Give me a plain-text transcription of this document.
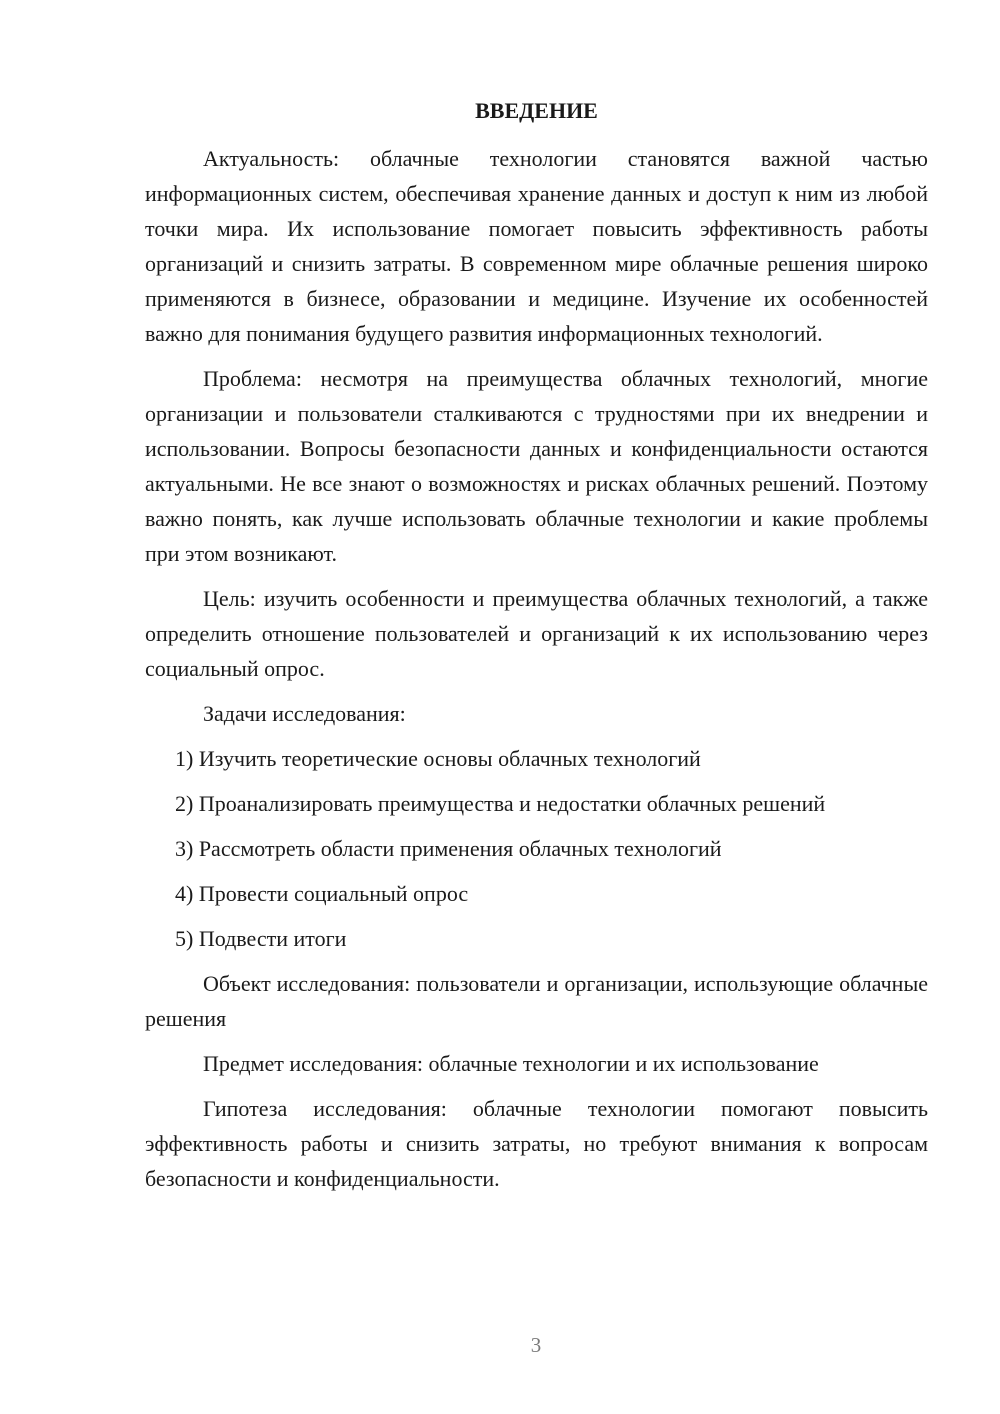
ВВЕДЕНИЕ

Актуальность: облачные технологии становятся важной частью информационных систем, обеспечивая хранение данных и доступ к ним из любой точки мира. Их использование помогает повысить эффективность работы организаций и снизить затраты. В современном мире облачные решения широко применяются в бизнесе, образовании и медицине. Изучение их особенностей важно для понимания будущего развития информационных технологий.

Проблема: несмотря на преимущества облачных технологий, многие организации и пользователи сталкиваются с трудностями при их внедрении и использовании. Вопросы безопасности данных и конфиденциальности остаются актуальными. Не все знают о возможностях и рисках облачных решений. Поэтому важно понять, как лучше использовать облачные технологии и какие проблемы при этом возникают.

Цель: изучить особенности и преимущества облачных технологий, а также определить отношение пользователей и организаций к их использованию через социальный опрос.

Задачи исследования:

1) Изучить теоретические основы облачных технологий
2) Проанализировать преимущества и недостатки облачных решений
3) Рассмотреть области применения облачных технологий
4) Провести социальный опрос
5) Подвести итоги

Объект исследования: пользователи и организации, использующие облачные решения

Предмет исследования: облачные технологии и их использование

Гипотеза исследования: облачные технологии помогают повысить эффективность работы и снизить затраты, но требуют внимания к вопросам безопасности и конфиденциальности.

3
